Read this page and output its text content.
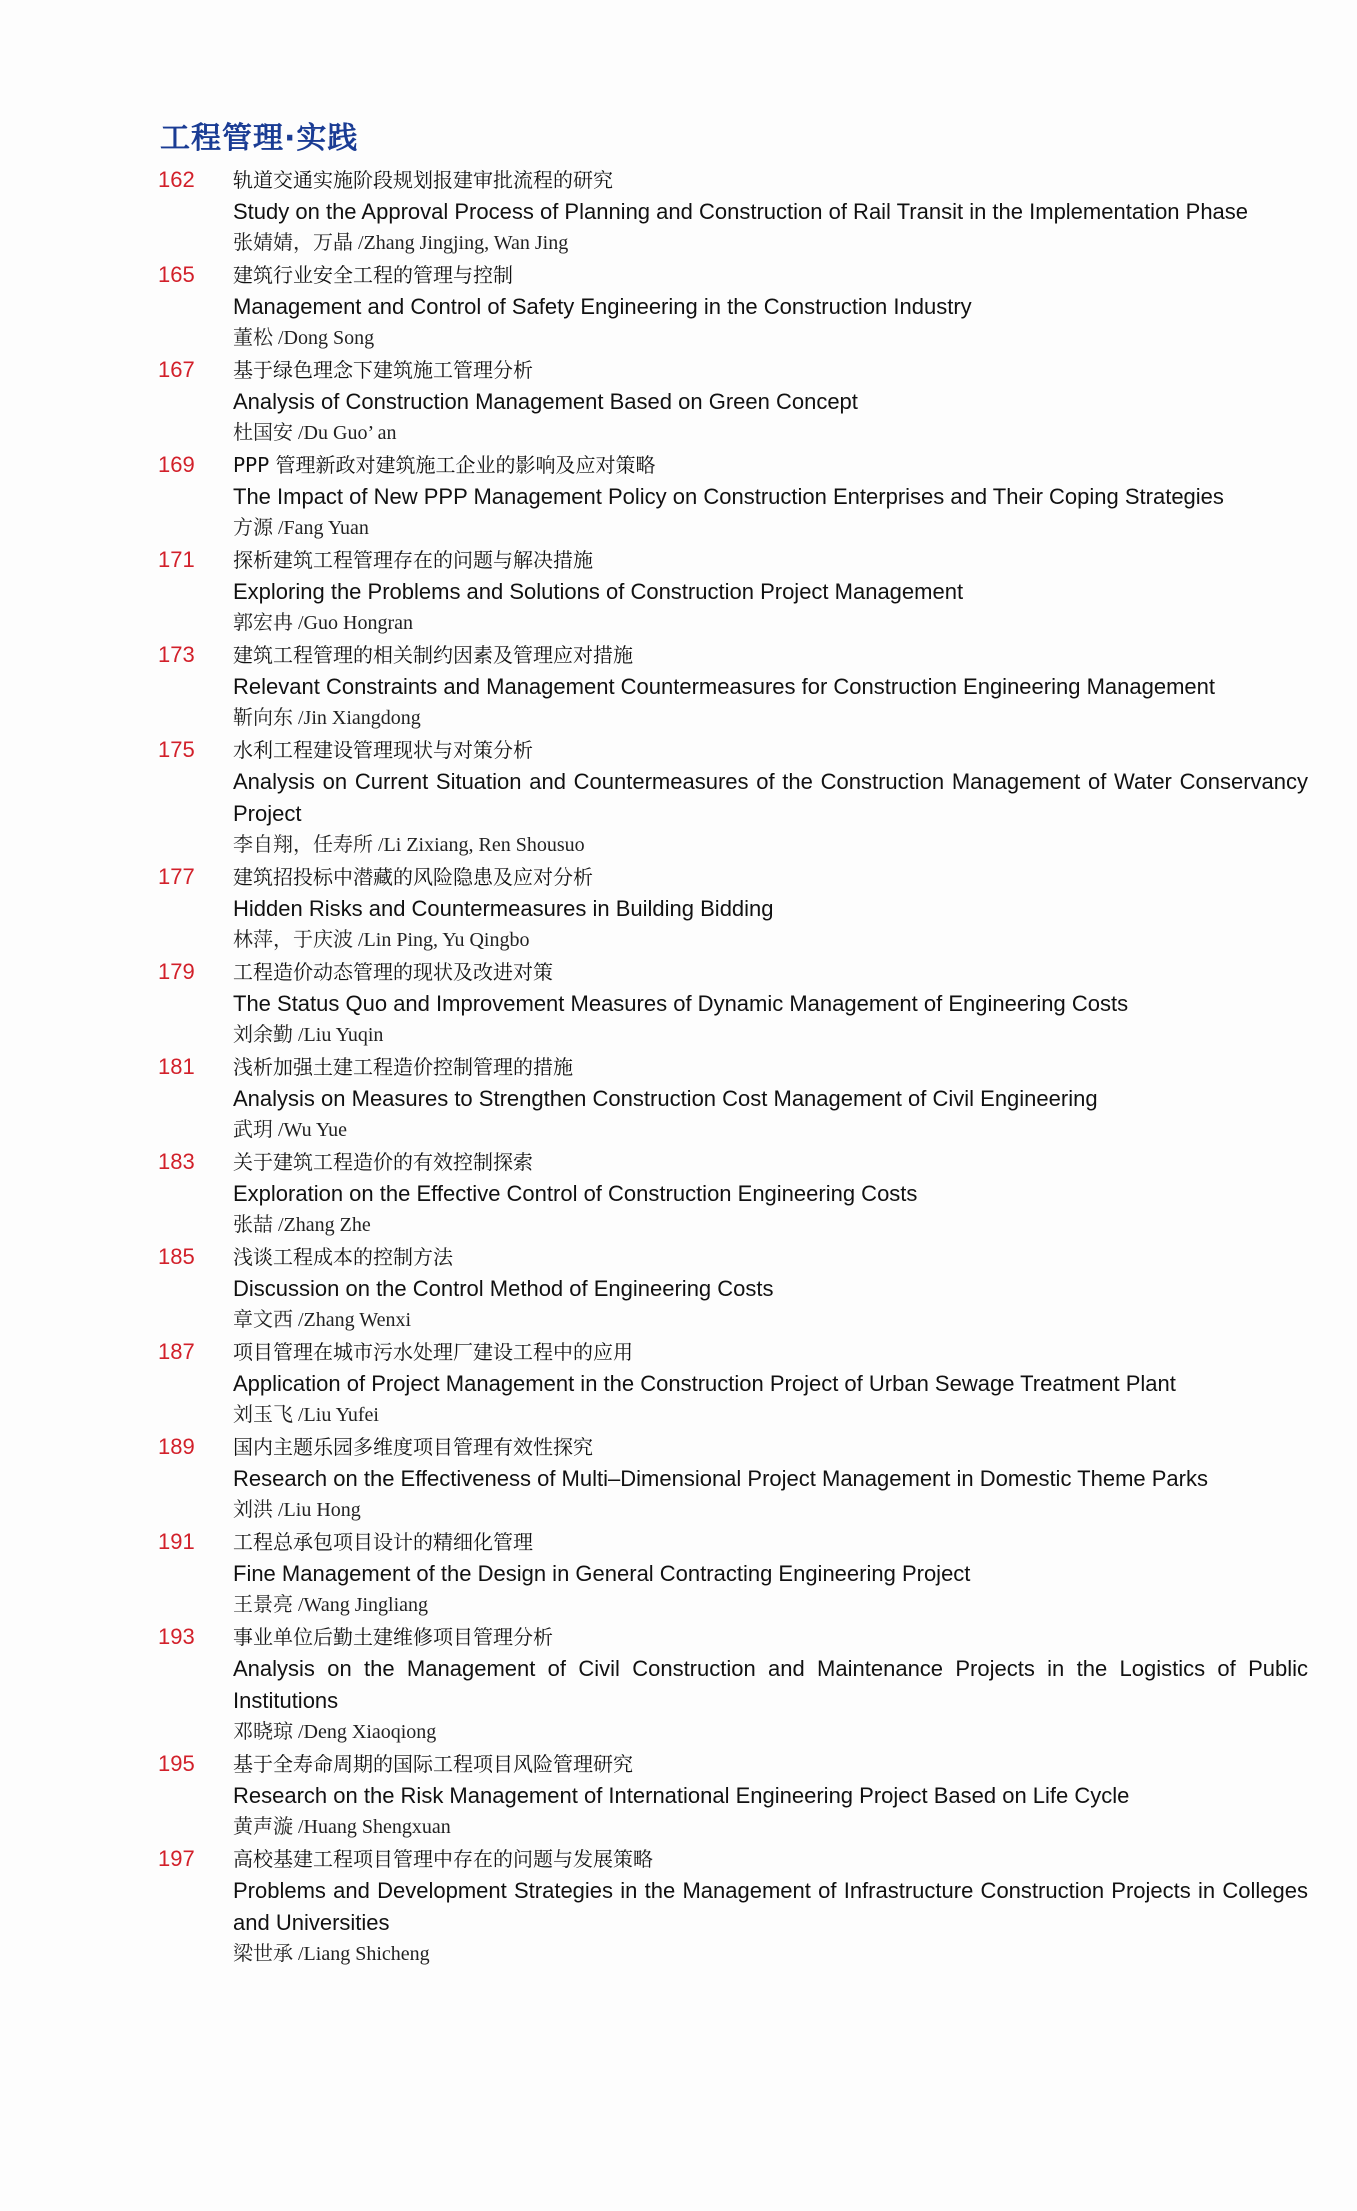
工程管理·实践
162	轨道交通实施阶段规划报建审批流程的研究
Study on the Approval Process of Planning and Construction of Rail Transit in the Implementation Phase
张婧婧，万晶 /Zhang Jingjing, Wan Jing
165	建筑行业安全工程的管理与控制
Management and Control of Safety Engineering in the Construction Industry
董松 /Dong Song
167	基于绿色理念下建筑施工管理分析
Analysis of Construction Management Based on Green Concept
杜国安 /Du Guo’ an
169	PPP 管理新政对建筑施工企业的影响及应对策略
The Impact of New PPP Management Policy on Construction Enterprises and Their Coping Strategies
方源 /Fang Yuan
171	探析建筑工程管理存在的问题与解决措施
Exploring the Problems and Solutions of Construction Project Management
郭宏冉 /Guo Hongran
173	建筑工程管理的相关制约因素及管理应对措施
Relevant Constraints and Management Countermeasures for Construction Engineering Management
靳向东 /Jin Xiangdong
175	水利工程建设管理现状与对策分析
Analysis on Current Situation and Countermeasures of the Construction Management of Water Conservancy Project
李自翔，任寿所 /Li Zixiang, Ren Shousuo
177	建筑招投标中潜藏的风险隐患及应对分析
Hidden Risks and Countermeasures in Building Bidding
林萍，于庆波 /Lin Ping, Yu Qingbo
179	工程造价动态管理的现状及改进对策
The Status Quo and Improvement Measures of Dynamic Management of Engineering Costs
刘余勤 /Liu Yuqin
181	浅析加强土建工程造价控制管理的措施
Analysis on Measures to Strengthen Construction Cost Management of Civil Engineering
武玥 /Wu Yue
183	关于建筑工程造价的有效控制探索
Exploration on the Effective Control of Construction Engineering Costs
张喆 /Zhang Zhe
185	浅谈工程成本的控制方法
Discussion on the Control Method of Engineering Costs
章文西 /Zhang Wenxi
187	项目管理在城市污水处理厂建设工程中的应用
Application of Project Management in the Construction Project of Urban Sewage Treatment Plant
刘玉飞 /Liu Yufei
189	国内主题乐园多维度项目管理有效性探究
Research on the Effectiveness of Multi–Dimensional Project Management in Domestic Theme Parks
刘洪 /Liu Hong
191	工程总承包项目设计的精细化管理
Fine Management of the Design in General Contracting Engineering Project
王景亮 /Wang Jingliang
193	事业单位后勤土建维修项目管理分析
Analysis on the Management of Civil Construction and Maintenance Projects in the Logistics of Public Institutions
邓晓琼 /Deng Xiaoqiong
195	基于全寿命周期的国际工程项目风险管理研究
Research on the Risk Management of International Engineering Project Based on Life Cycle
黄声漩 /Huang Shengxuan
197	高校基建工程项目管理中存在的问题与发展策略
Problems and Development Strategies in the Management of Infrastructure Construction Projects in Colleges and Universities
梁世承 /Liang Shicheng
